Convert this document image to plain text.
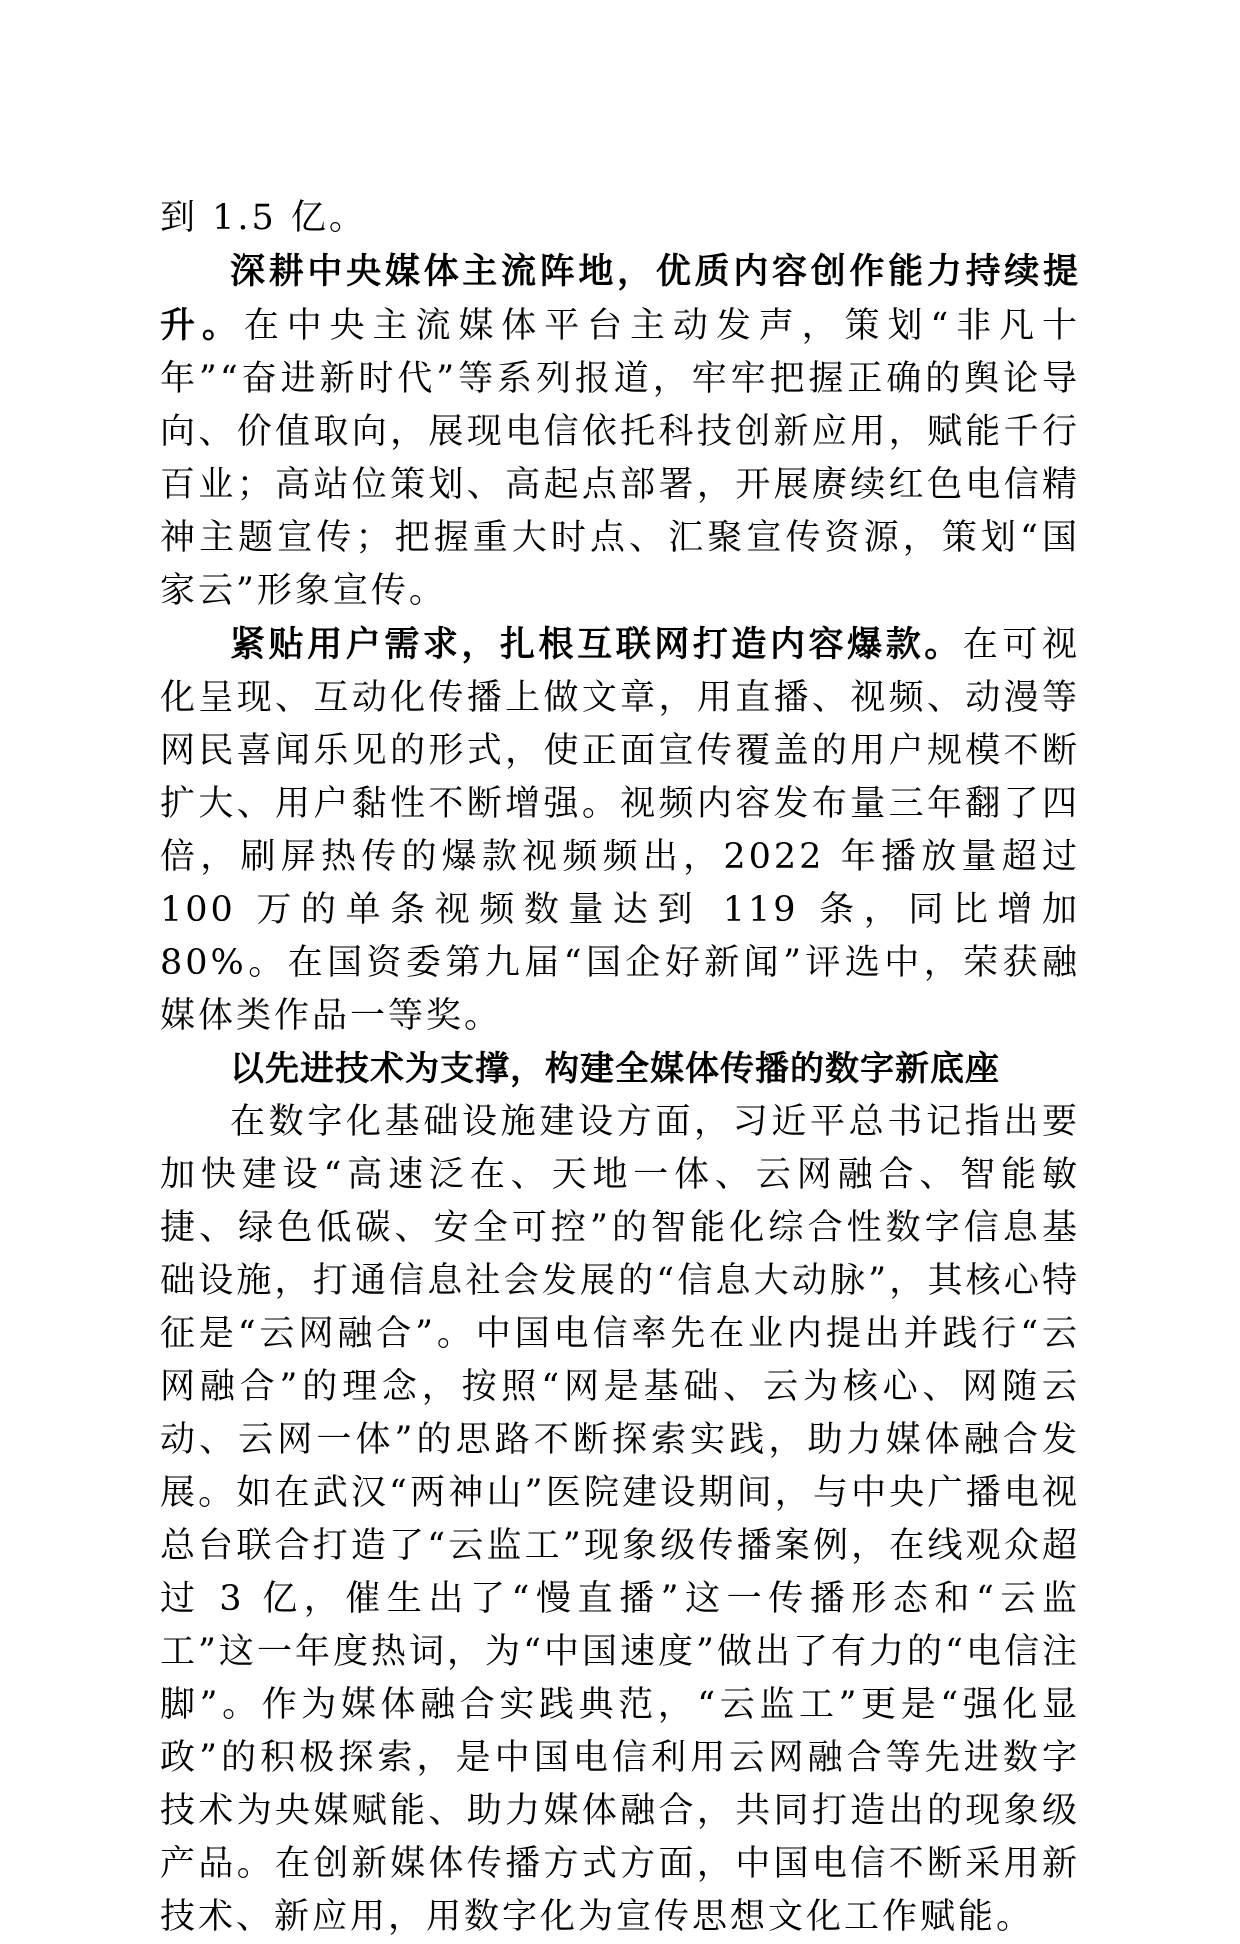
到 1.5 亿。

深耕中央媒体主流阵地，优质内容创作能力持续提升。在中央主流媒体平台主动发声，策划“非凡十年”“奋进新时代”等系列报道，牢牢把握正确的舆论导向、价值取向，展现电信依托科技创新应用，赋能千行百业；高站位策划、高起点部署，开展赓续红色电信精神主题宣传；把握重大时点、汇聚宣传资源，策划“国家云”形象宣传。

紧贴用户需求，扎根互联网打造内容爆款。在可视化呈现、互动化传播上做文章，用直播、视频、动漫等网民喜闻乐见的形式，使正面宣传覆盖的用户规模不断扩大、用户黏性不断增强。视频内容发布量三年翻了四倍，刷屏热传的爆款视频频出，2022 年播放量超过 100 万的单条视频数量达到 119 条，同比增加 80%。在国资委第九届“国企好新闻”评选中，荣获融媒体类作品一等奖。

以先进技术为支撑，构建全媒体传播的数字新底座

在数字化基础设施建设方面，习近平总书记指出要加快建设“高速泛在、天地一体、云网融合、智能敏捷、绿色低碳、安全可控”的智能化综合性数字信息基础设施，打通信息社会发展的“信息大动脉”，其核心特征是“云网融合”。中国电信率先在业内提出并践行“云网融合”的理念，按照“网是基础、云为核心、网随云动、云网一体”的思路不断探索实践，助力媒体融合发展。如在武汉“两神山”医院建设期间，与中央广播电视总台联合打造了“云监工”现象级传播案例，在线观众超过 3 亿，催生出了“慢直播”这一传播形态和“云监工”这一年度热词，为“中国速度”做出了有力的“电信注脚”。作为媒体融合实践典范，“云监工”更是“强化显政”的积极探索，是中国电信利用云网融合等先进数字技术为央媒赋能、助力媒体融合，共同打造出的现象级产品。在创新媒体传播方式方面，中国电信不断采用新技术、新应用，用数字化为宣传思想文化工作赋能。
